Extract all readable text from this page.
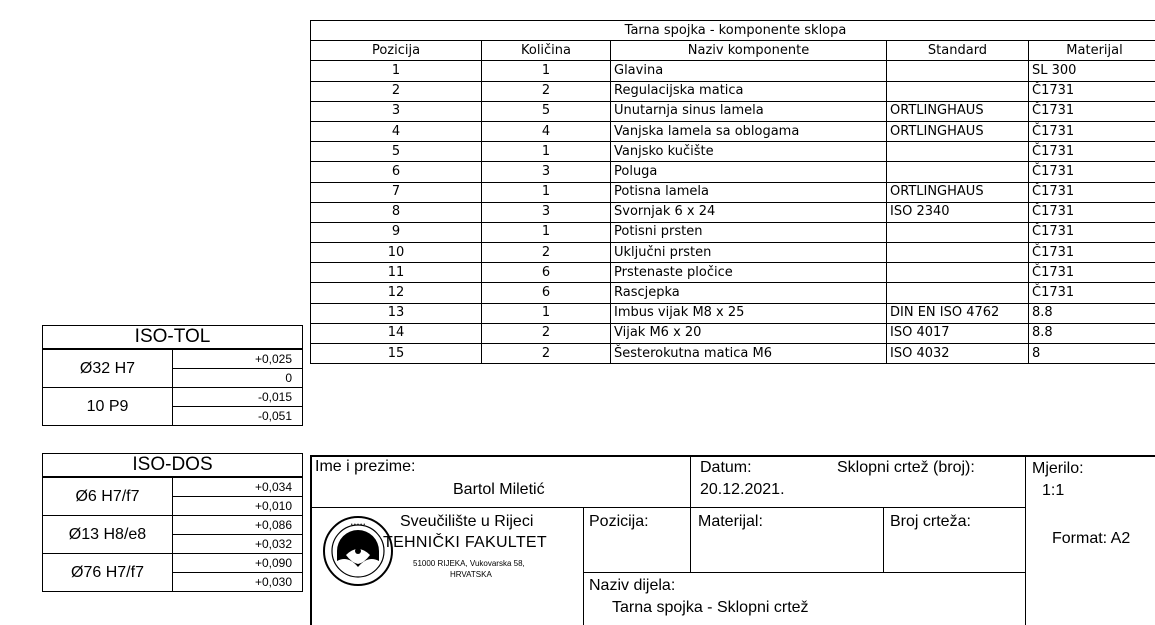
Tarna spojka - komponente sklopa				
Pozicija	Količina	Naziv komponente	Standard	Materijal
1	1	Glavina		SL 300
2	2	Regulacijska matica		Č1731
3	5	Unutarnja sinus lamela	ORTLINGHAUS	Č1731
4	4	Vanjska lamela sa oblogama	ORTLINGHAUS	Č1731
5	1	Vanjsko kučište		Č1731
6	3	Poluga		Č1731
7	1	Potisna lamela	ORTLINGHAUS	Č1731
8	3	Svornjak 6 x 24	ISO 2340	Č1731
9	1	Potisni prsten		Č1731
10	2	Uključni prsten		Č1731
11	6	Prstenaste pločice		Č1731
12	6	Rascjepka		Č1731
13	1	Imbus vijak M8 x 25	DIN EN ISO 4762	8.8
14	2	Vijak M6 x 20	ISO 4017	8.8
15	2	Šesterokutna matica M6	ISO 4032	8
ISO-TOL	
Ø32 H7	+0,025
	0
10 P9	-0,015
	-0,051
ISO-DOS	
Ø6 H7/f7	+0,034
	+0,010
Ø13 H8/e8	+0,086
	+0,032
Ø76 H7/f7	+0,090
	+0,030
Ime i prezime:
Bartol Miletić
Datum:
20.12.2021.
Sklopni crtež (broj):	Mjerilo:
1:1
• • • • • Sveučilište u Rijeci
TEHNIČKI FAKULTET
51000 RIJEKA, Vukovarska 58,
HRVATSKA
Pozicija:	Materijal:	Broj crteža:
Format: A2
Naziv dijela:
Tarna spojka - Sklopni crtež
